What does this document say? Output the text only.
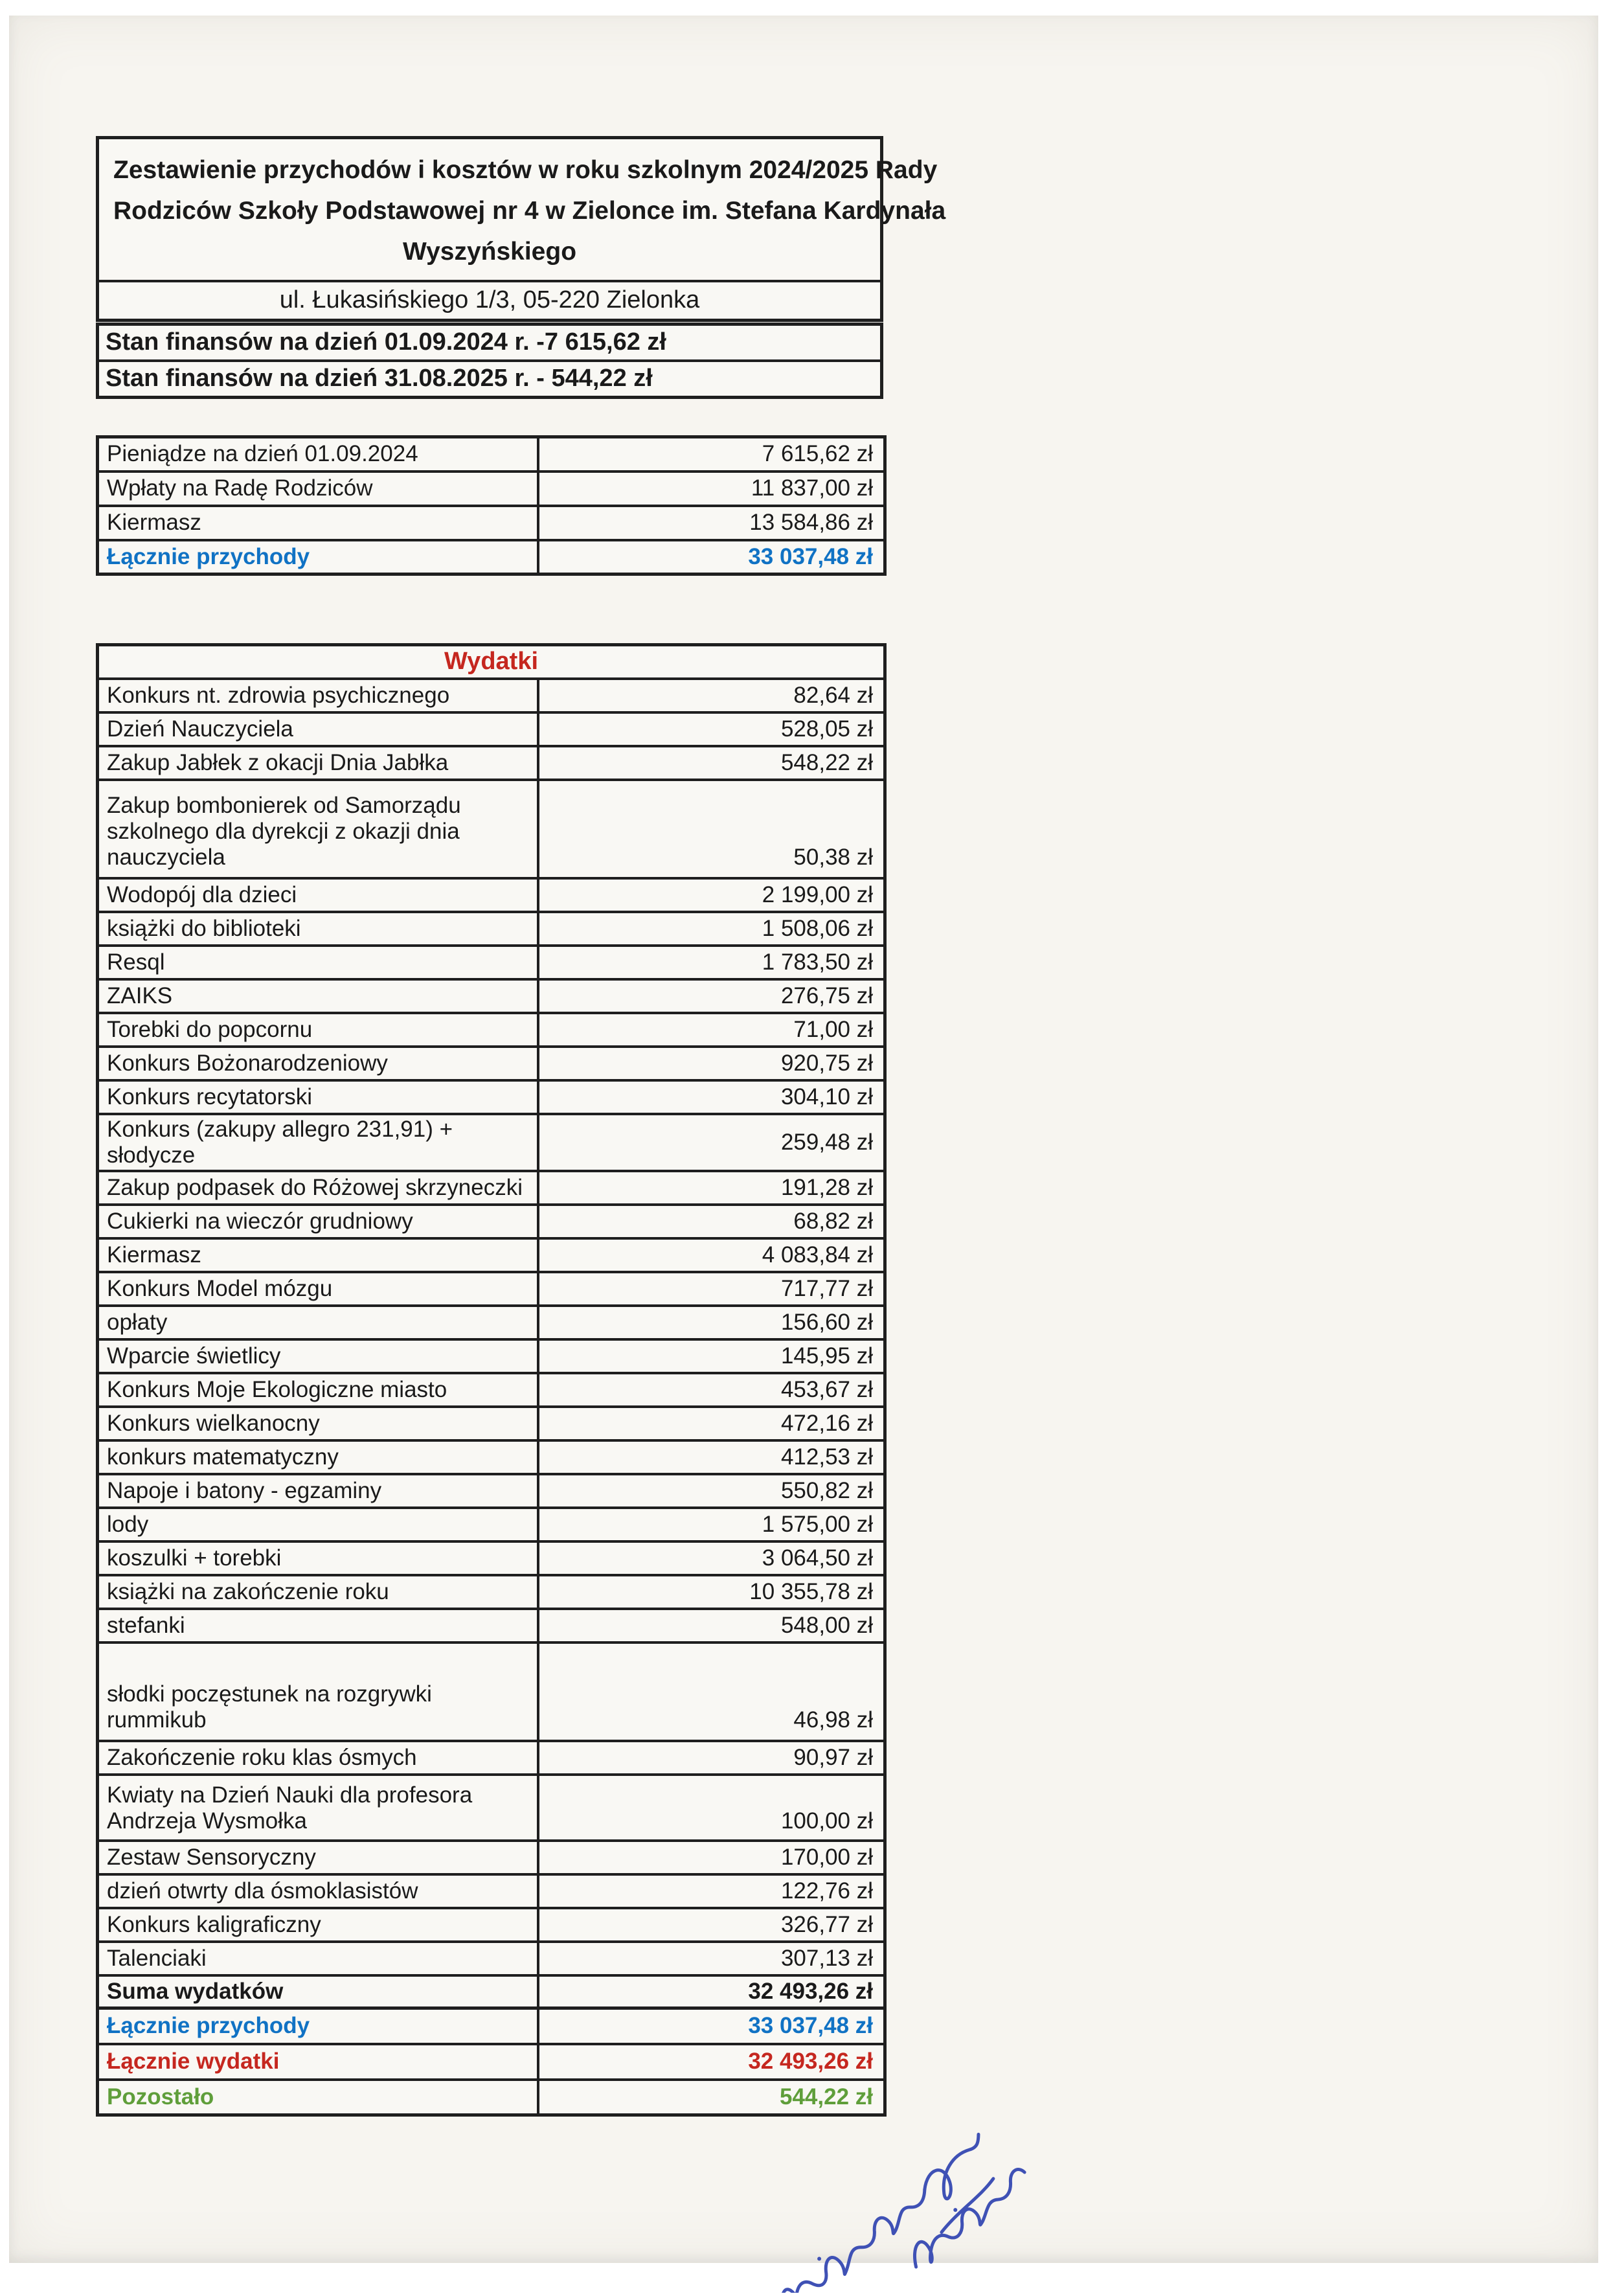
Zestawienie przychodów i kosztów w roku szkolnym 2024/2025 Rady
Rodziców Szkoły Podstawowej nr 4 w Zielonce im. Stefana Kardynała
Wyszyńskiego
ul. Łukasińskiego 1/3, 05-220 Zielonka
Stan finansów na dzień 01.09.2024 r. -7 615,62 zł
Stan finansów na dzień 31.08.2025 r. - 544,22 zł
Pieniądze na dzień 01.09.2024	7 615,62 zł
Wpłaty na Radę Rodziców	11 837,00 zł
Kiermasz	13 584,86 zł
Łącznie przychody	33 037,48 zł
Wydatki	
Konkurs nt. zdrowia psychicznego	82,64 zł
Dzień Nauczyciela	528,05 zł
Zakup Jabłek z okacji Dnia Jabłka	548,22 zł
Zakup bombonierek od Samorządu szkolnego dla dyrekcji z okazji dnia nauczyciela	50,38 zł
Wodopój dla dzieci	2 199,00 zł
książki do biblioteki	1 508,06 zł
Resql	1 783,50 zł
ZAIKS	276,75 zł
Torebki do popcornu	71,00 zł
Konkurs Bożonarodzeniowy	920,75 zł
Konkurs recytatorski	304,10 zł
Konkurs (zakupy allegro 231,91) + słodycze	259,48 zł
Zakup podpasek do Różowej skrzyneczki	191,28 zł
Cukierki na wieczór grudniowy	68,82 zł
Kiermasz	4 083,84 zł
Konkurs Model mózgu	717,77 zł
opłaty	156,60 zł
Wparcie świetlicy	145,95 zł
Konkurs Moje Ekologiczne miasto	453,67 zł
Konkurs wielkanocny	472,16 zł
konkurs matematyczny	412,53 zł
Napoje i batony - egzaminy	550,82 zł
lody	1 575,00 zł
koszulki + torebki	3 064,50 zł
książki na zakończenie roku	10 355,78 zł
stefanki	548,00 zł
słodki poczęstunek na rozgrywki rummikub	46,98 zł
Zakończenie roku klas ósmych	90,97 zł
Kwiaty na Dzień Nauki dla profesora Andrzeja Wysmołka	100,00 zł
Zestaw Sensoryczny	170,00 zł
dzień otwrty dla ósmoklasistów	122,76 zł
Konkurs kaligraficzny	326,77 zł
Talenciaki	307,13 zł
Suma wydatków	32 493,26 zł
Łącznie przychody	33 037,48 zł
Łącznie wydatki	32 493,26 zł
Pozostało	544,22 zł
